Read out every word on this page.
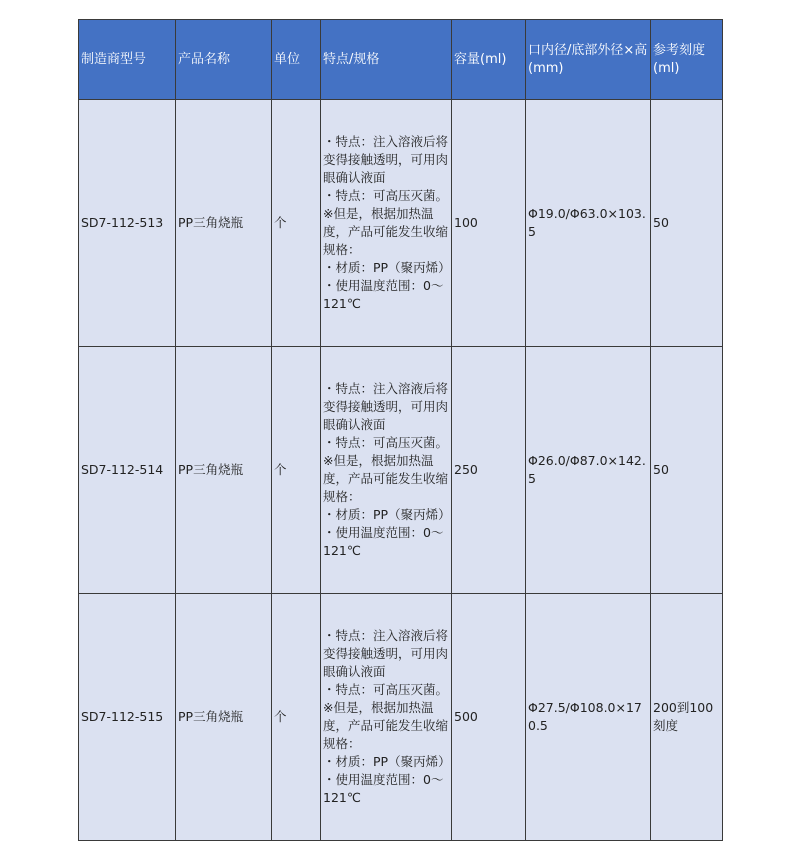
制造商型号	产品名称	单位	特点/规格	容量(ml)	口内径/底部外径×高(mm)	参考刻度(ml)
SD7-112-513	PP三角烧瓶	个	・特点：注入溶液后将变得接触透明，可用肉眼确认液面
・特点：可高压灭菌。 ※但是，根据加热温度，产品可能发生收缩
规格：
・材质：PP（聚丙烯）
・使用温度范围：0～121℃	100	Φ19.0/Φ63.0×103.5	50
SD7-112-514	PP三角烧瓶	个	・特点：注入溶液后将变得接触透明，可用肉眼确认液面
・特点：可高压灭菌。 ※但是，根据加热温度，产品可能发生收缩
规格：
・材质：PP（聚丙烯）
・使用温度范围：0～121℃	250	Φ26.0/Φ87.0×142.5	50
SD7-112-515	PP三角烧瓶	个	・特点：注入溶液后将变得接触透明，可用肉眼确认液面
・特点：可高压灭菌。 ※但是，根据加热温度，产品可能发生收缩
规格：
・材质：PP（聚丙烯）
・使用温度范围：0～121℃	500	Φ27.5/Φ108.0×170.5	200到100刻度
